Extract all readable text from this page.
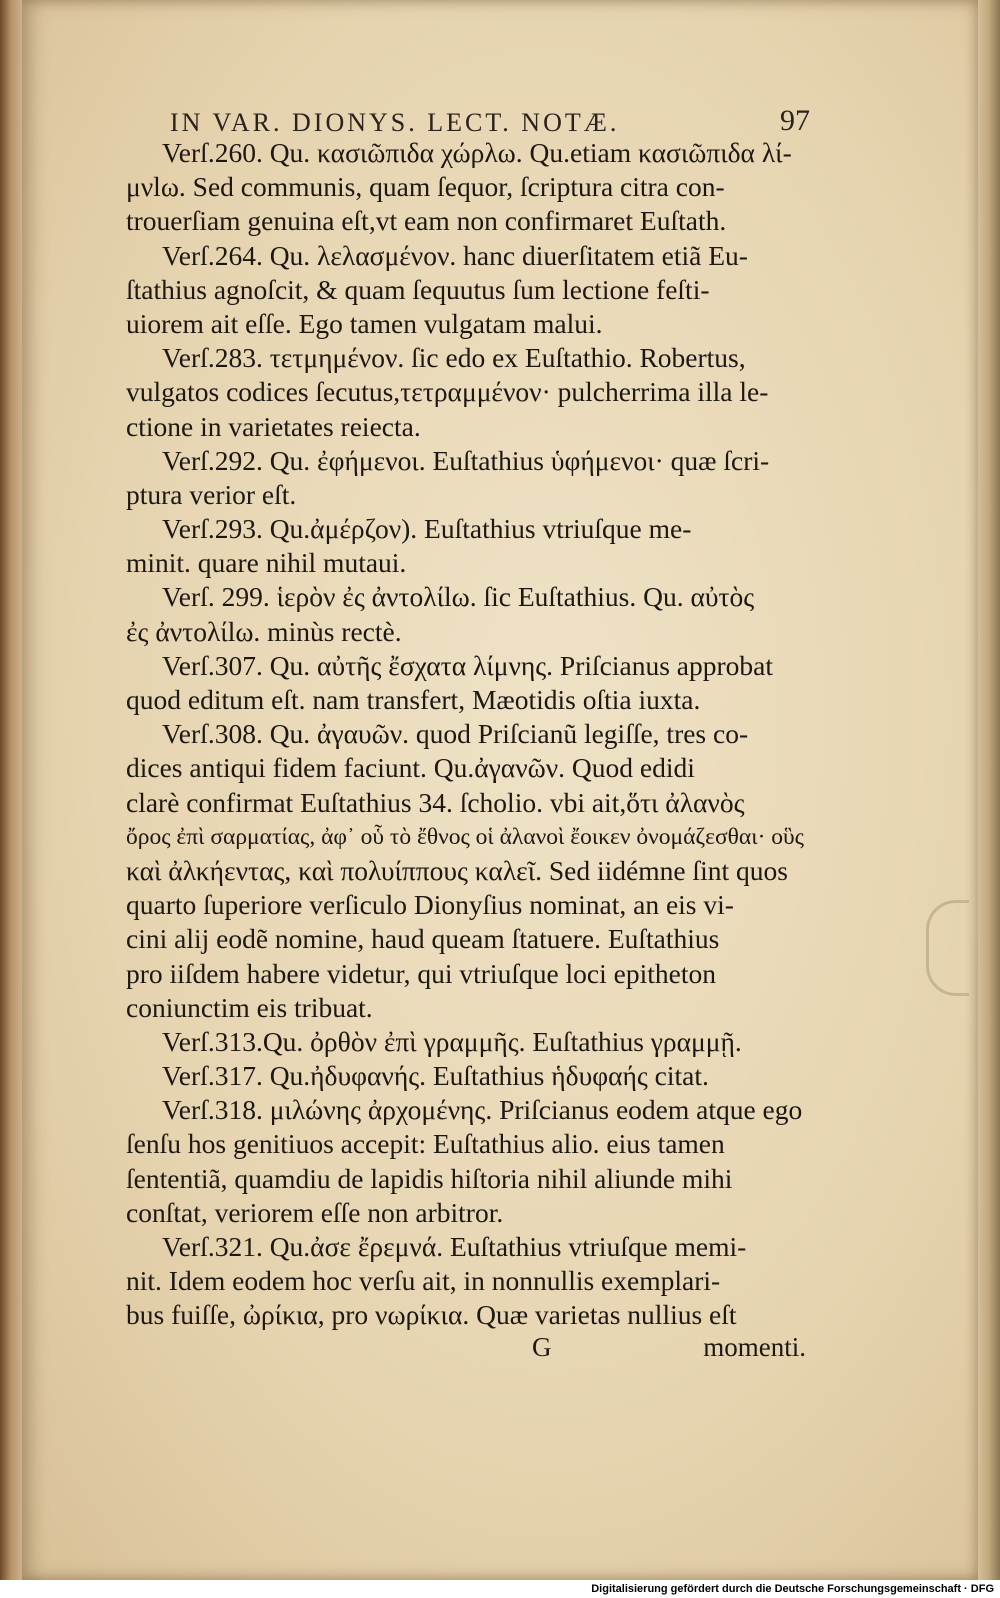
IN VAR. DIONYS. LECT. NOTÆ.	97
Verſ.260. Qu. κασιῶπιδα χώρλω. Qu.etiam κασιῶπιδα λί-
μνlω. Sed communis, quam ſequor, ſcriptura citra con-
trouerſiam genuina eſt,vt eam non confirmaret Euſtath.
Verſ.264. Qu. λελασμένον. hanc diuerſitatem etiã Eu-
ſtathius agnoſcit, & quam ſequutus ſum lectione feſti-
uiorem ait eſſe. Ego tamen vulgatam malui.
Verſ.283. τετμημένον. ſic edo ex Euſtathio. Robertus,
vulgatos codices ſecutus,τετραμμένον· pulcherrima illa le-
ctione in varietates reiecta.
Verſ.292. Qu. ἐφήμενοι. Euſtathius ὑφήμενοι· quæ ſcri-
ptura verior eſt.
Verſ.293. Qu.ἀμέρζον). Euſtathius vtriuſque me-
minit. quare nihil mutaui.
Verſ. 299. ἱερὸν ἐς ἀντολίlω. ſic Euſtathius. Qu. αὐτὸς
ἐς ἀντολίlω. minùs rectè.
Verſ.307. Qu. αὐτῆς ἔσχατα λίμνης. Priſcianus approbat
quod editum eſt. nam transfert, Mæotidis oſtia iuxta.
Verſ.308. Qu. ἀγαυῶν. quod Priſcianũ legiſſe, tres co-
dices antiqui fidem faciunt. Qu.ἀγανῶν. Quod edidi
clarè confirmat Euſtathius 34. ſcholio. vbi ait,ὅτι ἀλανὸς
ὄρος ἐπὶ σαρματίας, ἀφ᾽ οὗ τὸ ἔθνος οἱ ἀλανοὶ ἔοικεν ὀνομάζεσθαι· οὓς
καὶ ἀλκήεντας, καὶ πολυίππους καλεῖ. Sed iidémne ſint quos
quarto ſuperiore verſiculo Dionyſius nominat, an eis vi-
cini alij eodẽ nomine, haud queam ſtatuere. Euſtathius
pro iiſdem habere videtur, qui vtriuſque loci epitheton
coniunctim eis tribuat.
Verſ.313.Qu. ὀρθὸν ἐπὶ γραμμῆς. Euſtathius γραμμῇ.
Verſ.317. Qu.ἠδυφανής. Euſtathius ἡδυφαής citat.
Verſ.318. μιλώνης ἀρχομένης. Priſcianus eodem atque ego
ſenſu hos genitiuos accepit: Euſtathius alio. eius tamen
ſententiã, quamdiu de lapidis hiſtoria nihil aliunde mihi
conſtat, veriorem eſſe non arbitror.
Verſ.321. Qu.ἀσε ἔρεμνά. Euſtathius vtriuſque memi-
nit. Idem eodem hoc verſu ait, in nonnullis exemplari-
bus fuiſſe, ὠρίκια, pro νωρίκια. Quæ varietas nullius eſt
G	momenti.
Digitalisierung gefördert durch die Deutsche Forschungsgemeinschaft · DFG
